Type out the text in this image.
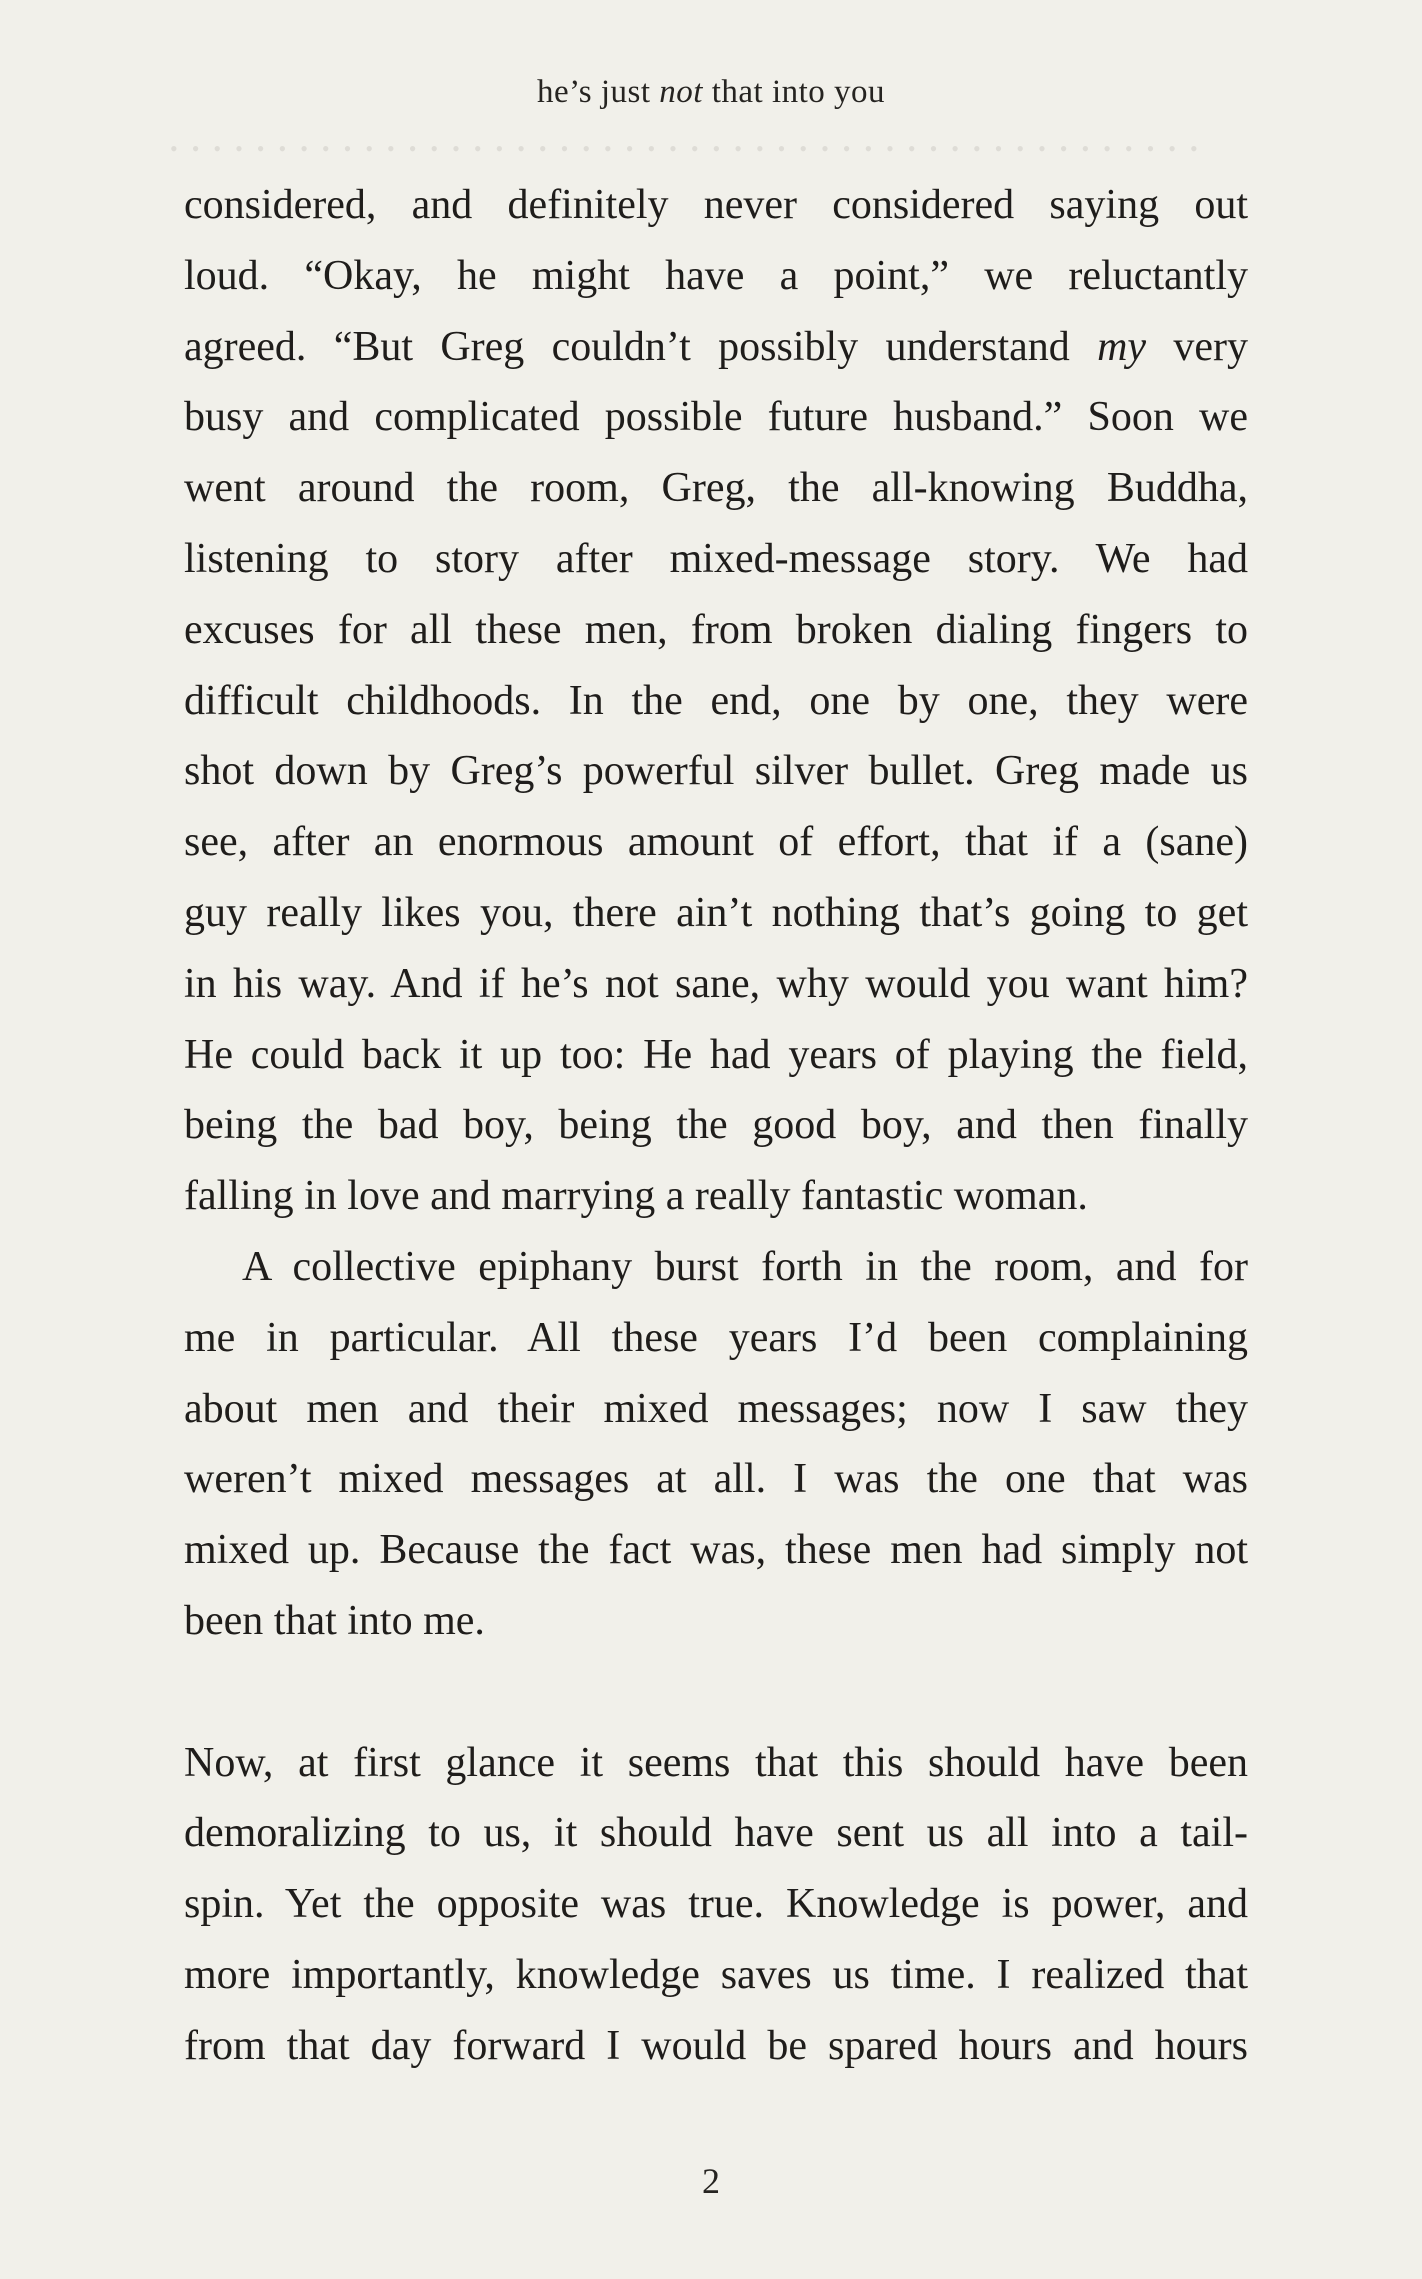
he’s just not that into you
••••••••••••••••••••••••••••••••••••••••••••••••

considered, and definitely never considered saying out
loud. “Okay, he might have a point,” we reluctantly
agreed. “But Greg couldn’t possibly understand my very
busy and complicated possible future husband.” Soon we
went around the room, Greg, the all-knowing Buddha,
listening to story after mixed-message story. We had
excuses for all these men, from broken dialing fingers to
difficult childhoods. In the end, one by one, they were
shot down by Greg’s powerful silver bullet. Greg made us
see, after an enormous amount of effort, that if a (sane)
guy really likes you, there ain’t nothing that’s going to get
in his way. And if he’s not sane, why would you want him?
He could back it up too: He had years of playing the field,
being the bad boy, being the good boy, and then finally
falling in love and marrying a really fantastic woman.

A collective epiphany burst forth in the room, and for
me in particular. All these years I’d been complaining
about men and their mixed messages; now I saw they
weren’t mixed messages at all. I was the one that was
mixed up. Because the fact was, these men had simply not
been that into me.

Now, at first glance it seems that this should have been
demoralizing to us, it should have sent us all into a tail-
spin. Yet the opposite was true. Knowledge is power, and
more importantly, knowledge saves us time. I realized that
from that day forward I would be spared hours and hours

2
